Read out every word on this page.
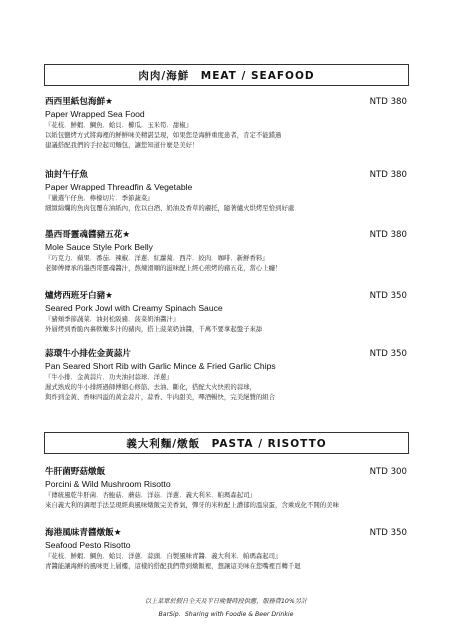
肉肉/海鮮　MEAT / SEAFOOD
西西里紙包海鮮★	NTD 380
Paper Wrapped Sea Food
『花枝．鮮蝦．鯛魚．蛤貝．櫛瓜．玉米筍．甜椒』
以紙包鹽烤方式將海裡的鮮鮮味美精湛呈現，如果您是海鮮重度患者，肯定不能錯過
建議搭配我們的手拉起司麵包，讓您知道什麼是美好！
油封午仔魚	NTD 380
Paper Wrapped Threadfin & Vegetable
『嚴選午仔魚．檸檬切片．季節蔬菜』
細緻綿爛的魚肉包覆在油紙內，佐以白酒、奶油及香草的襯托，隨著爐火烘烤至恰到好處
墨西哥靈魂醬豬五花★	NTD 380
Mole Sauce Style Pork Belly
『巧克力．蘋果．番茄．辣椒．洋蔥．紅蘿蔔．西芹．絞肉．咖啡．新鮮香料』
老師傅傳承的墨西哥靈魂醬汁，熬煉滑順的滋味配上經心煎烤的豬五花，當心上癮！
爐烤西班牙白豬★	NTD 350
Seared Pork Jowl with Creamy Spinach Sauce
『豬頰季節蔬菜．油封松阪豬．菠菜奶油醬汁』
外層烤到香脆內裏軟嫩多汁的豬肉，搭上菠菜奶油醬，千萬不要拿起盤子來舔
蒜環牛小排佐金黃蒜片	NTD 350
Pan Seared Short Rib with Garlic Mince & Fried Garlic Chips
『牛小排．金黃蒜片．功夫油封蒜球．洋蔥』
濕式熟成的牛小排經過師傅細心修筋、去油、斷化，搭配大火快煎的蒜球，
與炸到金黃、香味四溢的黃金蒜片，蒜香、牛肉甜美，嗶酒暢快，完美絕贊的組合
義大利麵/燉飯　PASTA / RISOTTO
牛肝菌野菇燉飯	NTD 300
Porcini & Wild Mushroom Risotto
『傳統風乾牛肝菌．杏鮑菇．蘑菇．洋菇．洋蔥．義大利米．帕瑪森起司』
來自義大利的調理手法呈現經典風味燉飯完美香氣，彈牙的米粒配上濃郁的溫泉蛋，含乘成化不開的美味
海港風味青醬燉飯★	NTD 350
Seafood Pesto Risotto
『花枝．鮮蝦．鯛魚．蛤貝．洋蔥．蒜頭．自製風味青醬．義大利米．帕瑪森起司』
青醬能讓海鮮的風味更上層樓，這樣的搭配我們帶到燉飯裡，想讓這美味在您嘴裡百轉千迴
以上菜單於假日全天及平日晚餐時段供應，服務費10%另計
BarSip．Sharing with Foodie & Beer Drinkie
